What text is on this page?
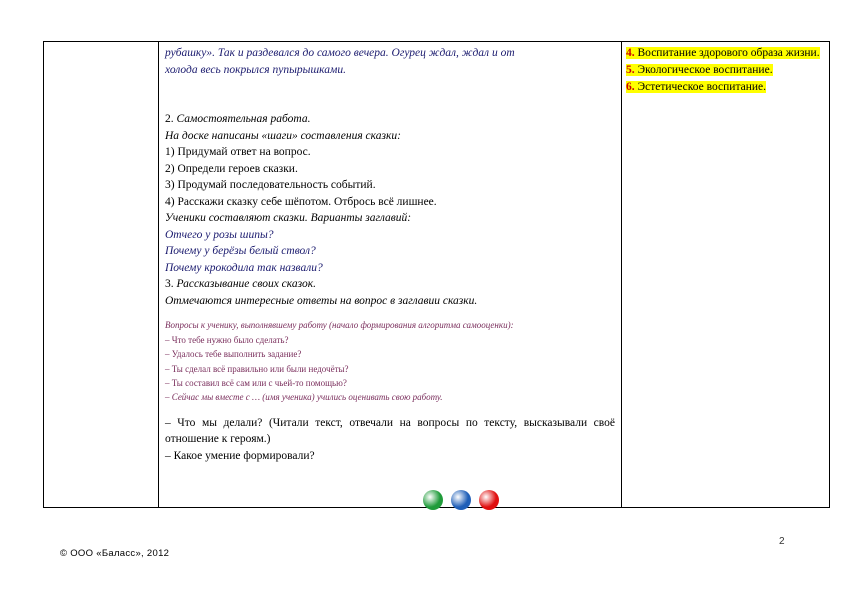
рубашку». Так и раздевался до самого вечера. Огурец ждал, ждал и от

холода весь покрылся пупырышками.

2. Самостоятельная работа.

На доске написаны «шаги» составления сказки:

1) Придумай ответ на вопрос.

2) Определи героев сказки.

3) Продумай последовательность событий.

4) Расскажи сказку себе шёпотом. Отбрось всё лишнее.

Ученики составляют сказки. Варианты заглавий:

Отчего у розы шипы?

Почему у берёзы белый ствол?

Почему крокодила так назвали?

3. Рассказывание своих сказок.

Отмечаются интересные ответы на вопрос в заглавии сказки.

Вопросы к ученику, выполнявшему работу (начало формирования алгоритма самооценки):

– Что тебе нужно было сделать?

– Удалось тебе выполнить задание?

– Ты сделал всё правильно или были недочёты?

– Ты составил всё сам или с чьей-то помощью?

– Сейчас мы вместе с … (имя ученика) учились оценивать свою работу.

– Что мы делали? (Читали текст, отвечали на вопросы по тексту, высказывали своё отношение к героям.)

– Какое умение формировали?

4. Воспитание здорового образа жизни.
5. Экологическое воспитание.
6. Эстетическое воспитание.
2
© ООО «Баласс», 2012
